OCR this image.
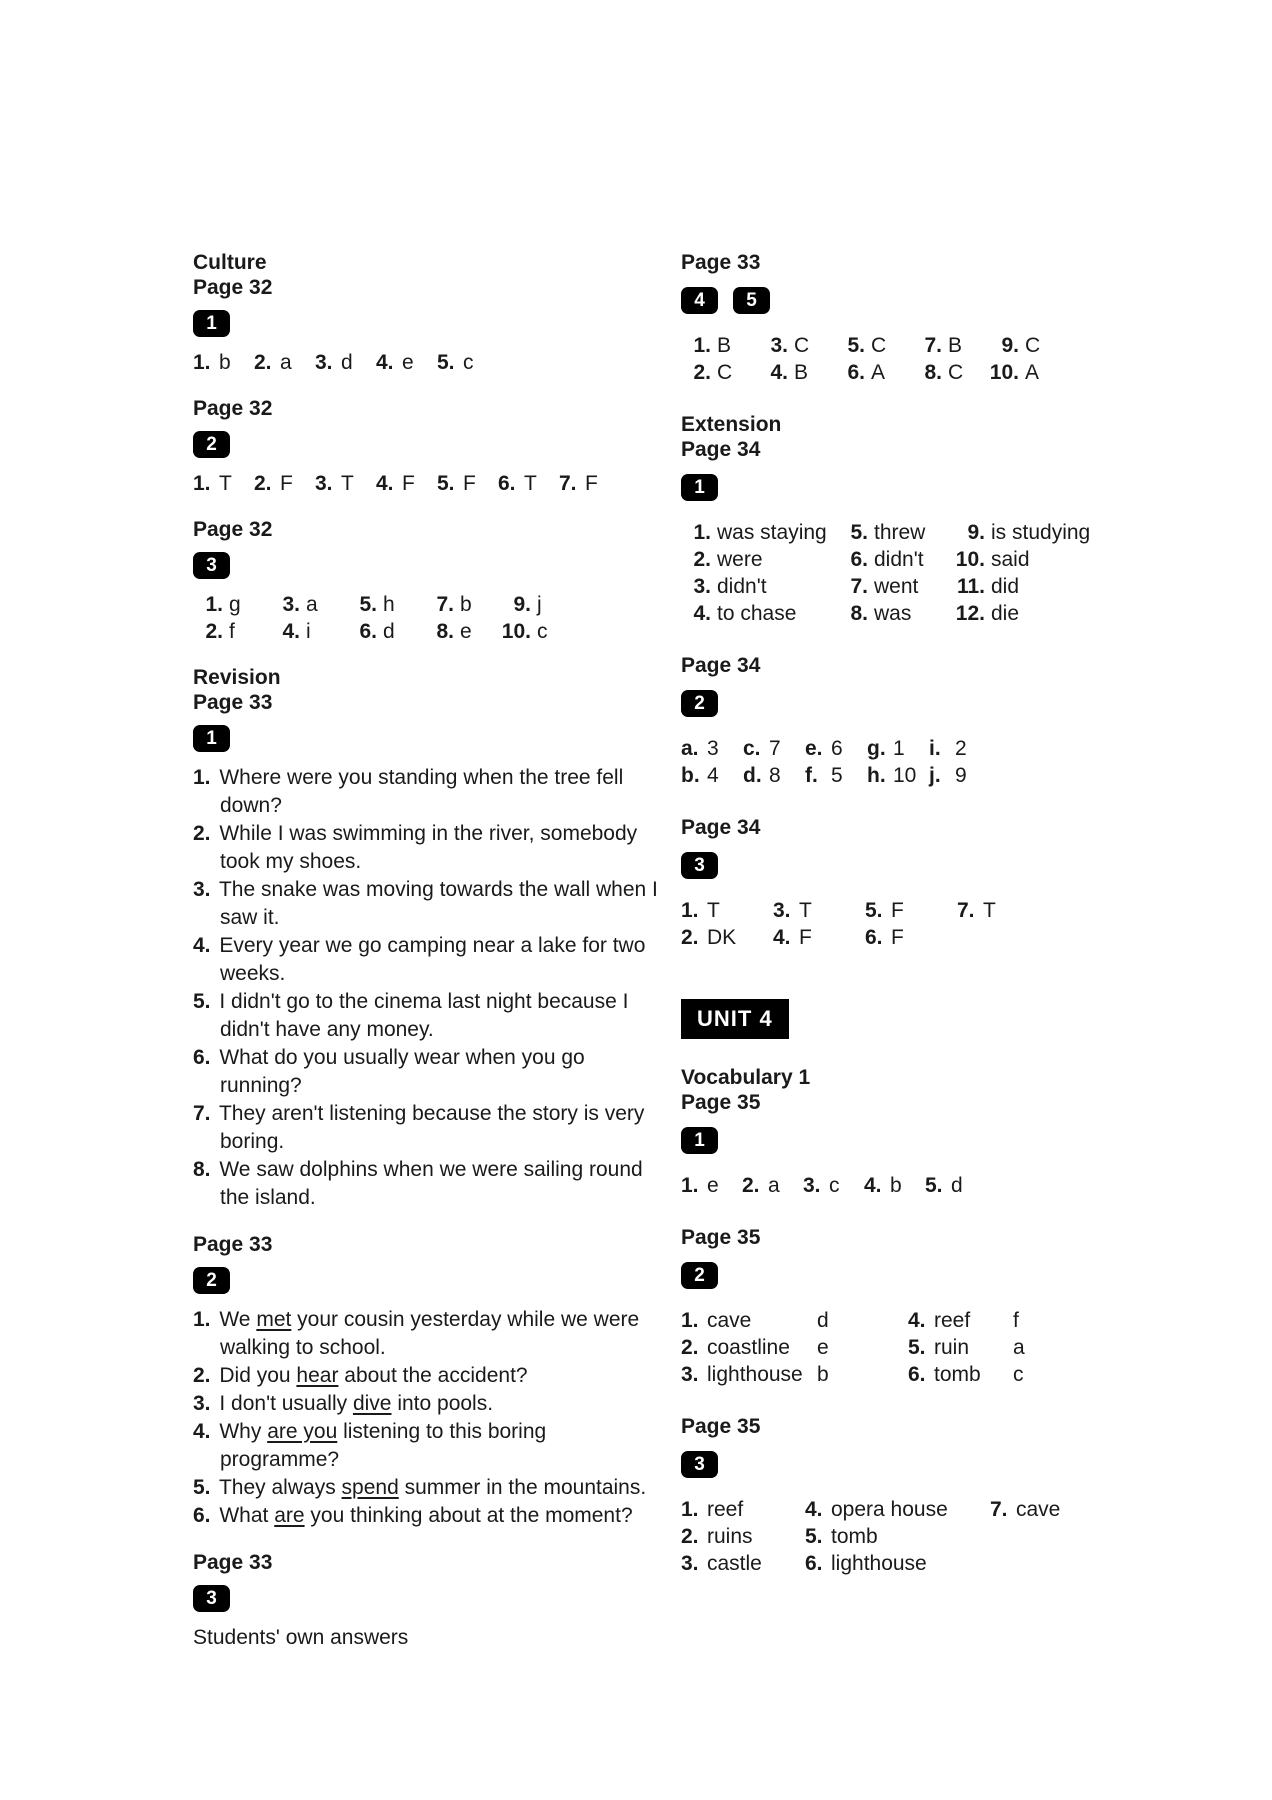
Culture
Page 32
1
1. b 2. a 3. d 4. e 5. c
Page 32
2
1. T 2. F 3. T 4. F 5. F 6. T 7. F
Page 32
3
1. g 3. a 5. h 7. b 9. j
2. f 4. i 6. d 8. e 10. c
Revision
Page 33
1
1. Where were you standing when the tree fell down?
2. While I was swimming in the river, somebody took my shoes.
3. The snake was moving towards the wall when I saw it.
4. Every year we go camping near a lake for two weeks.
5. I didn't go to the cinema last night because I didn't have any money.
6. What do you usually wear when you go running?
7. They aren't listening because the story is very boring.
8. We saw dolphins when we were sailing round the island.
Page 33
2
1. We met your cousin yesterday while we were walking to school.
2. Did you hear about the accident?
3. I don't usually dive into pools.
4. Why are you listening to this boring programme?
5. They always spend summer in the mountains.
6. What are you thinking about at the moment?
Page 33
3
Students' own answers
Page 33
4	5
1. B 3. C 5. C 7. B 9. C
2. C 4. B 6. A 8. C 10. A
Extension
Page 34
1
1. was staying 5. threw 9. is studying
2. were	6. didn't 10. said
3. didn't	7. went 11. did
4. to chase	8. was 12. die
Page 34
2
a. 3 c. 7 e. 6 g. 1 i. 2
b. 4 d. 8 f. 5 h. 10 j. 9
Page 34
3
1. T	3. T	5. F	7. T
2. DK 4. F	6. F
UNIT 4
Vocabulary 1
Page 35
1
1. e 2. a 3. c 4. b 5. d
Page 35
2
1. cave	d	4. reef f
2. coastline e	5. ruin a
3. lighthouse b	6. tomb c
Page 35
3
1. reef	4. opera house 7. cave
2. ruins 5. tomb
3. castle 6. lighthouse
